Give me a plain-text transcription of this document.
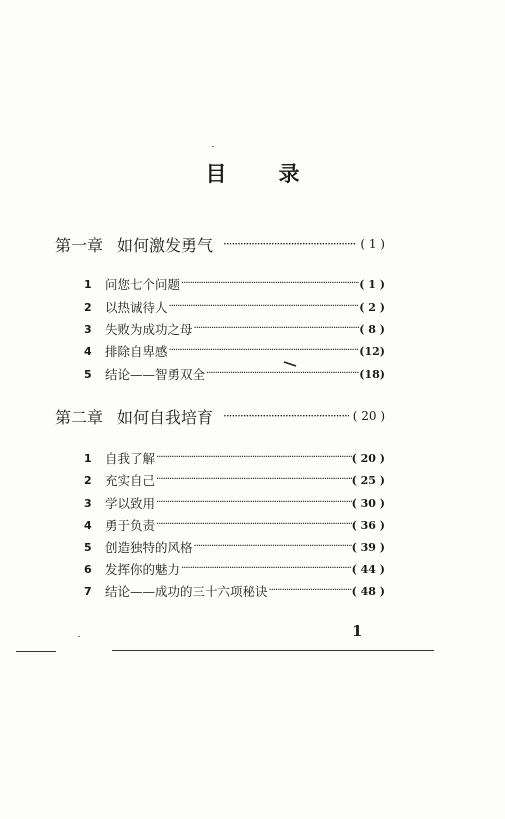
目 录
第一章 如何激发勇气 ·····	( 1 )
1	问您七个问题 ·····	( 1 )
2	以热诚待人 ·····	( 2 )
3	失败为成功之母 ·····	( 8 )
4	排除自卑感 ·····	(12)
5	结论——智勇双全 ·····	(18)
第二章 如何自我培育 ·····	( 20 )
1	自我了解 ·····	( 20 )
2	充实自己 ·····	( 25 )
3	学以致用 ·····	( 30 )
4	勇于负责 ·····	( 36 )
5	创造独特的风格 ·····	( 39 )
6	发挥你的魅力 ·····	( 44 )
7	结论——成功的三十六项秘诀 ·····	( 48 )
1
